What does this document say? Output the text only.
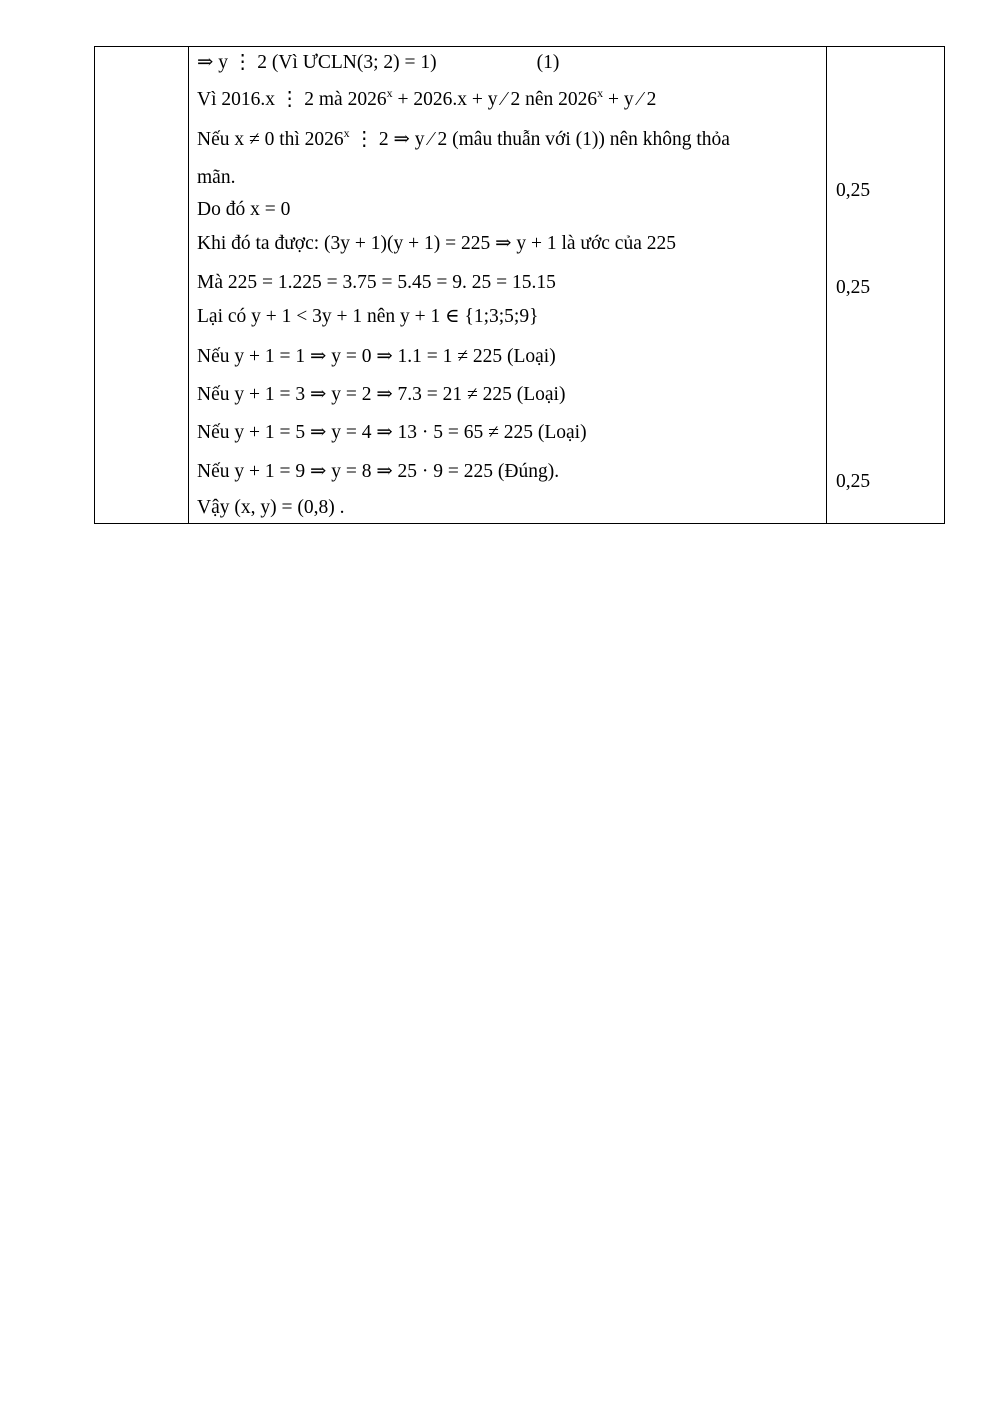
⇒ y ⋮ 2 (Vì ƯCLN(3; 2) = 1)	(1)
Vì 2016.x ⋮ 2 mà $2026^x + 2026.x + y$ ⁄ 2 nên $2026^x + y$ ⁄ 2
Nếu x ≠ 0 thì 2026$^x$ ⋮ 2 ⇒ y ⁄ 2 (mâu thuẫn với (1)) nên không thỏa
mãn.
Do đó x = 0
Khi đó ta được: (3y + 1)(y + 1) = 225 ⇒ y + 1 là ước của 225
Mà 225 = 1.225 = 3.75 = 5.45 = 9. 25 = 15.15
Lại có y + 1 < 3y + 1 nên y + 1 ∈ {1;3;5;9}
Nếu y + 1 = 1 ⇒ y = 0 ⇒ 1.1 = 1 ≠ 225 (Loại)
Nếu y + 1 = 3 ⇒ y = 2 ⇒ 7.3 = 21 ≠ 225 (Loại)
Nếu y + 1 = 5 ⇒ y = 4 ⇒ 13 · 5 = 65 ≠ 225 (Loại)
Nếu y + 1 = 9 ⇒ y = 8 ⇒ 25 · 9 = 225 (Đúng).
Vậy (x, y) = (0,8) .
0,25
0,25
0,25
